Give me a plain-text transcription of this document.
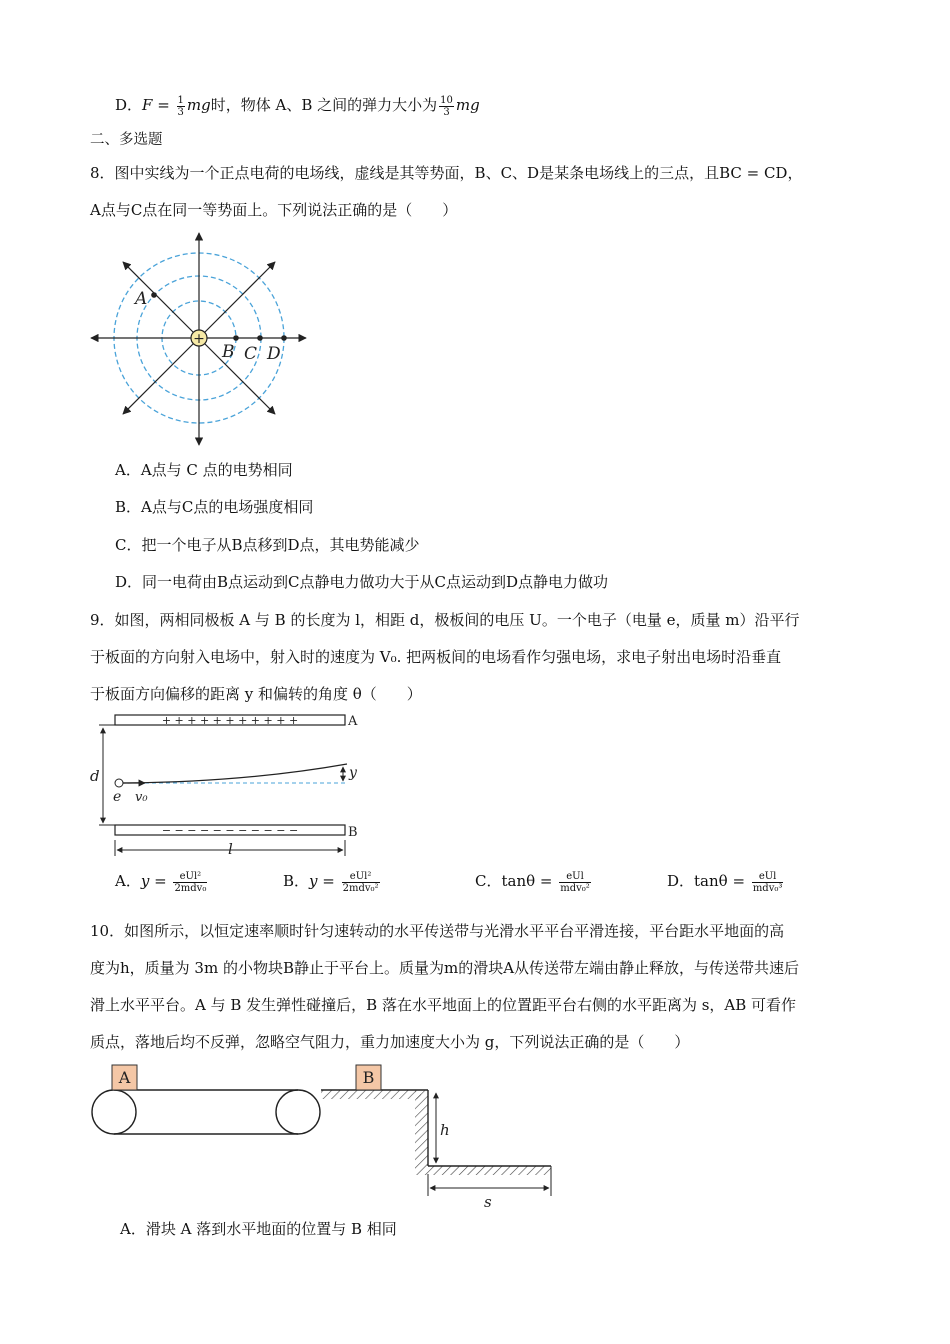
D．$F = \frac{1}{3}$ mg时，物体 A、B 之间的弹力大小为 $\frac{10}{3}$ mg
二、多选题
8．图中实线为一个正点电荷的电场线，虚线是其等势面，B、C、D是某条电场线上的三点，且BC = CD，
A点与C点在同一等势面上。下列说法正确的是（　　）
+
A
B C D
A．A点与 C 点的电势相同
B．A点与C点的电场强度相同
C．把一个电子从B点移到D点，其电势能减少
D．同一电荷由B点运动到C点静电力做功大于从C点运动到D点静电力做功
9．如图，两相同极板 A 与 B 的长度为 l，相距 d，极板间的电压 U。一个电子（电量 e，质量 m）沿平行
于板面的方向射入电场中，射入时的速度为 V₀. 把两板间的电场看作匀强电场，求电子射出电场时沿垂直
于板面方向偏移的距离 y 和偏转的角度 θ（　　）
+ + + + + + + + + + +	A
− − − − − − − − − − −	B
d	y
e v₀
l
A．$y = \frac{\text{eUl²}}{\text{2mdv₀}}$	B．$y = \frac{\text{eUl²}}{\text{2mdv₀²}}$	C．$\tan\theta = \frac{\text{eUl}}{\text{mdv₀²}}$	D．$\tan\theta = \frac{\text{eUl}}{\text{mdv₀³}}$
10．如图所示，以恒定速率顺时针匀速转动的水平传送带与光滑水平平台平滑连接，平台距水平地面的高
度为h，质量为 3m 的小物块B静止于平台上。质量为m的滑块A从传送带左端由静止释放，与传送带共速后
滑上水平平台。A 与 B 发生弹性碰撞后，B 落在水平地面上的位置距平台右侧的水平距离为 s，AB 可看作
质点，落地后均不反弹，忽略空气阻力，重力加速度大小为 g，下列说法正确的是（　　）
A	B
h
s
A．滑块 A 落到水平地面的位置与 B 相同
